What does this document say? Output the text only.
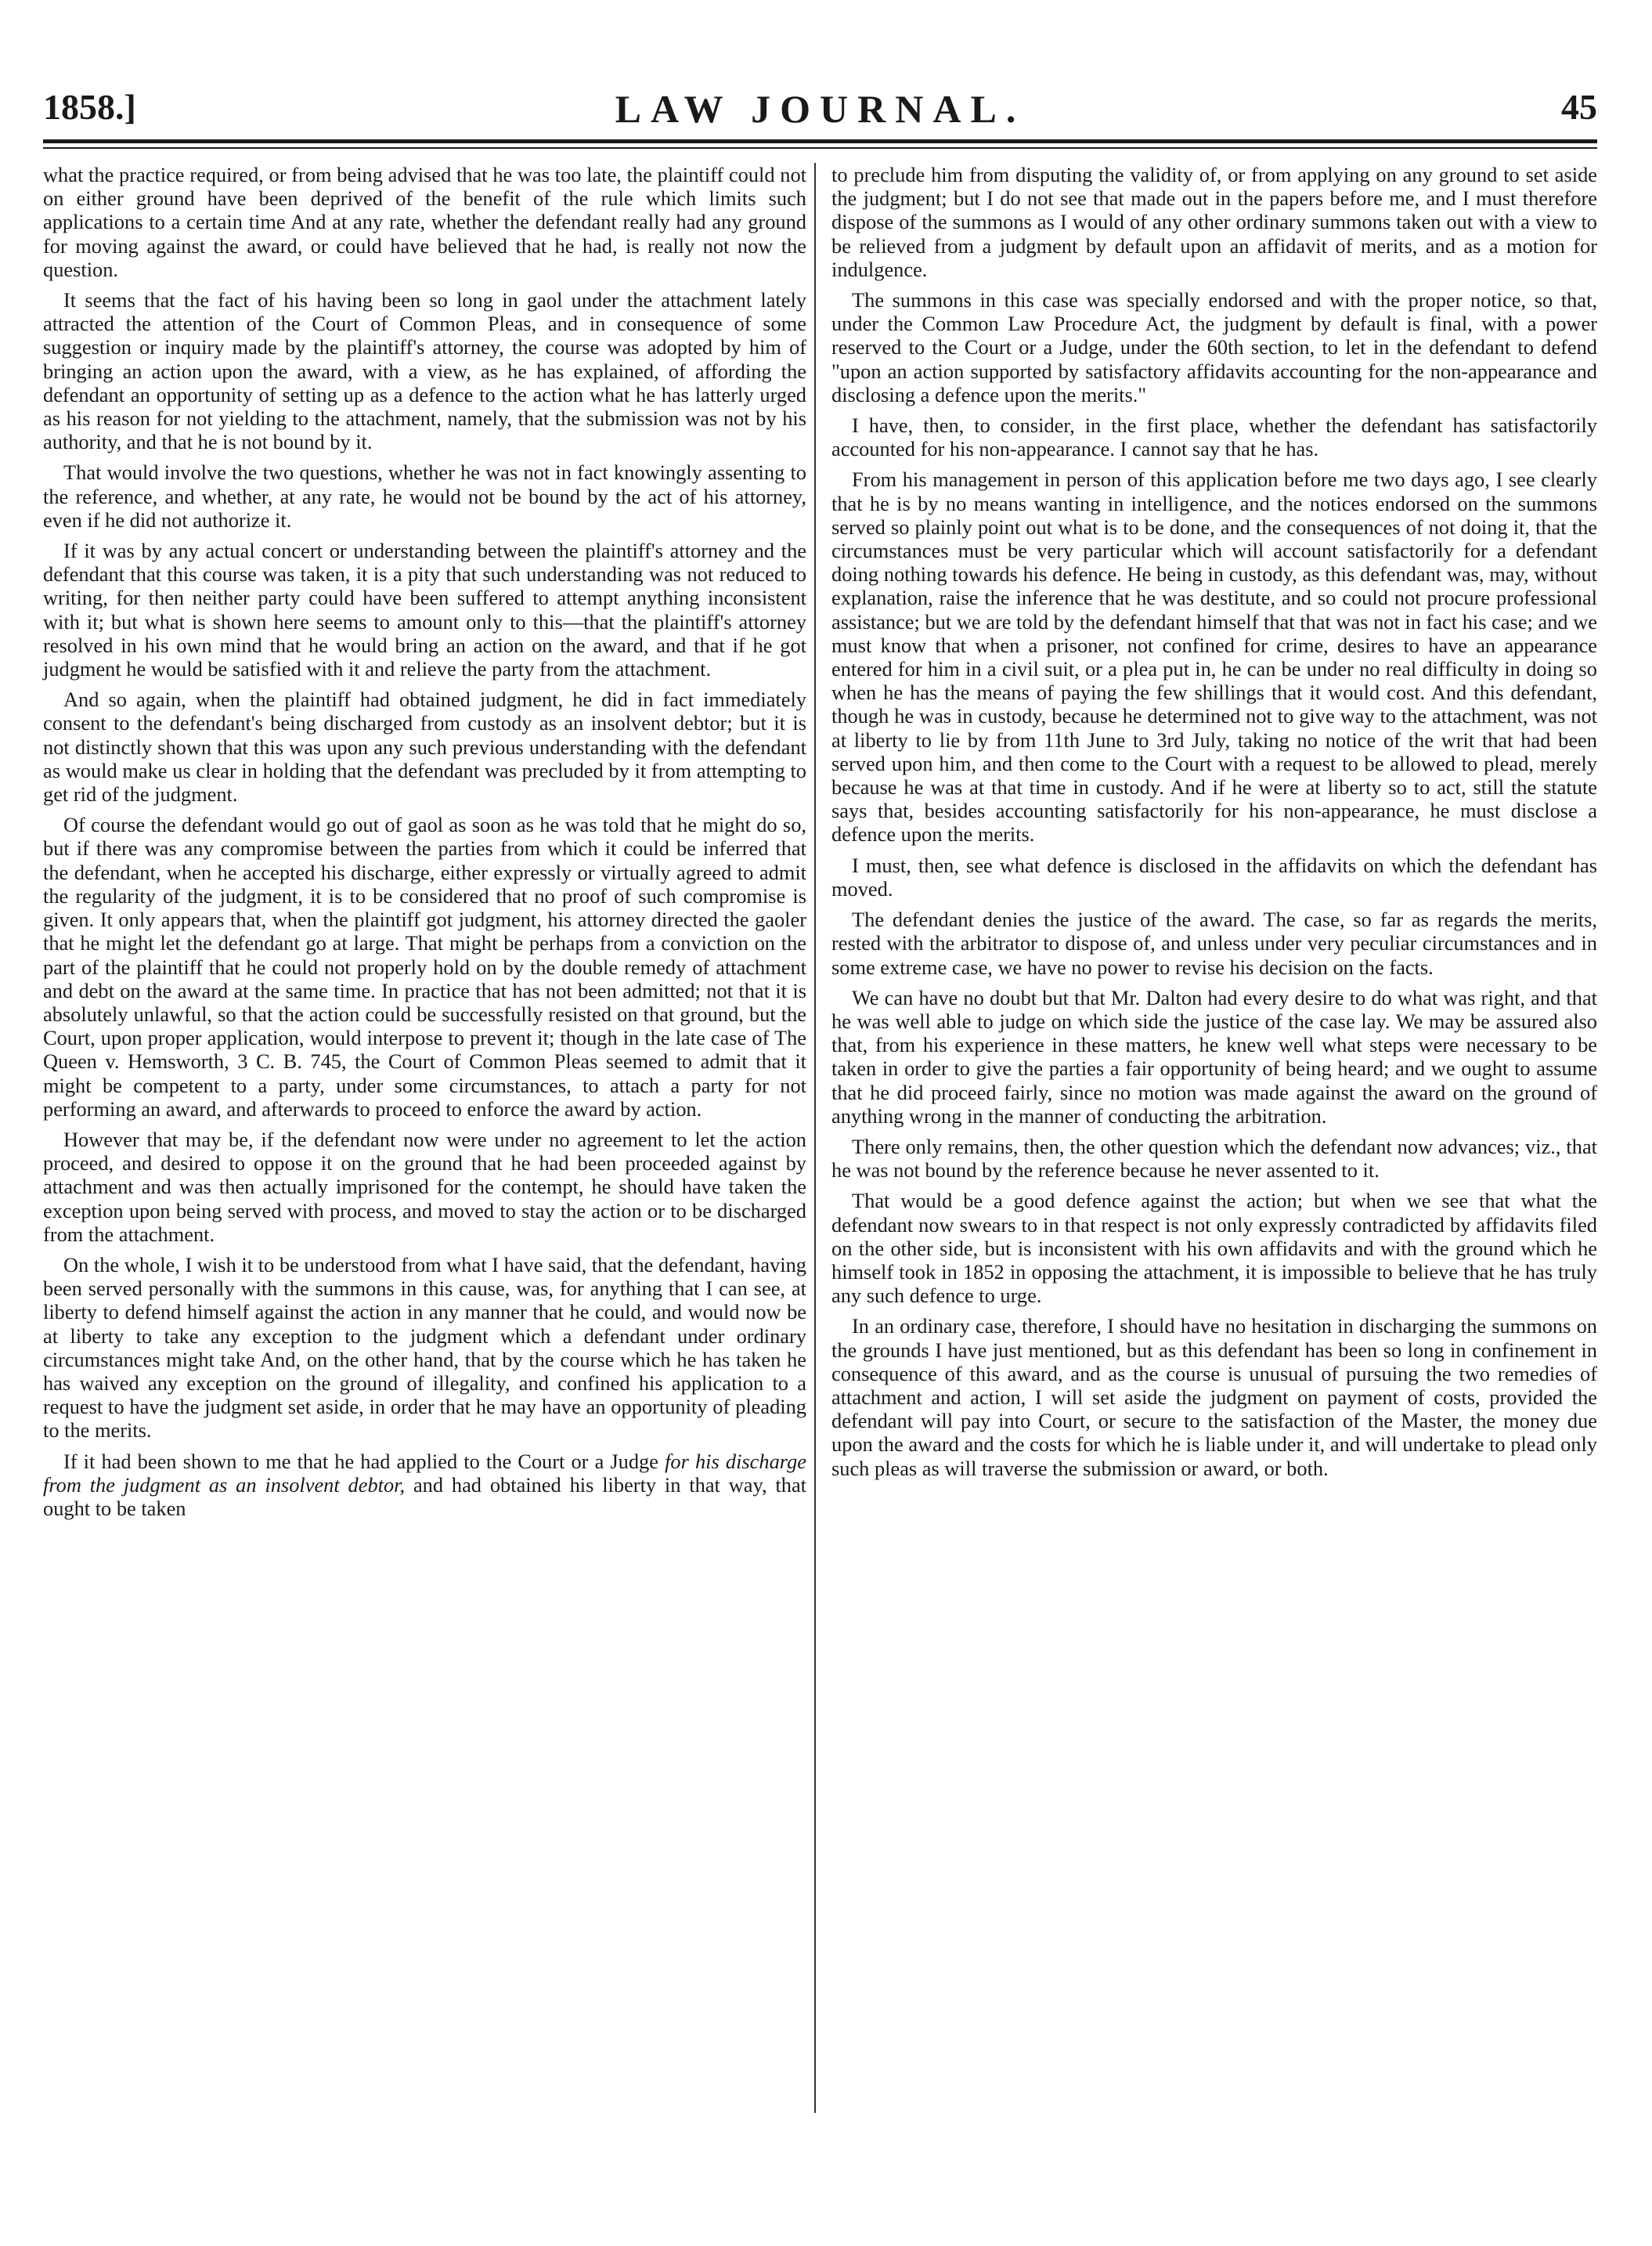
1858.]	LAW JOURNAL.	45

what the practice required, or from being advised that he was too late, the plaintiff could not on either ground have been deprived of the benefit of the rule which limits such applications to a certain time And at any rate, whether the defendant really had any ground for moving against the award, or could have believed that he had, is really not now the question.

It seems that the fact of his having been so long in gaol under the attachment lately attracted the attention of the Court of Common Pleas, and in consequence of some suggestion or inquiry made by the plaintiff's attorney, the course was adopted by him of bringing an action upon the award, with a view, as he has explained, of affording the defendant an opportunity of setting up as a defence to the action what he has latterly urged as his reason for not yielding to the attachment, namely, that the submission was not by his authority, and that he is not bound by it.

That would involve the two questions, whether he was not in fact knowingly assenting to the reference, and whether, at any rate, he would not be bound by the act of his attorney, even if he did not authorize it.

If it was by any actual concert or understanding between the plaintiff's attorney and the defendant that this course was taken, it is a pity that such understanding was not reduced to writing, for then neither party could have been suffered to attempt anything inconsistent with it; but what is shown here seems to amount only to this—that the plaintiff's attorney resolved in his own mind that he would bring an action on the award, and that if he got judgment he would be satisfied with it and relieve the party from the attachment.

And so again, when the plaintiff had obtained judgment, he did in fact immediately consent to the defendant's being discharged from custody as an insolvent debtor; but it is not distinctly shown that this was upon any such previous understanding with the defendant as would make us clear in holding that the defendant was precluded by it from attempting to get rid of the judgment.

Of course the defendant would go out of gaol as soon as he was told that he might do so, but if there was any compromise between the parties from which it could be inferred that the defendant, when he accepted his discharge, either expressly or virtually agreed to admit the regularity of the judgment, it is to be considered that no proof of such compromise is given. It only appears that, when the plaintiff got judgment, his attorney directed the gaoler that he might let the defendant go at large. That might be perhaps from a conviction on the part of the plaintiff that he could not properly hold on by the double remedy of attachment and debt on the award at the same time. In practice that has not been admitted; not that it is absolutely unlawful, so that the action could be successfully resisted on that ground, but the Court, upon proper application, would interpose to prevent it; though in the late case of The Queen v. Hemsworth, 3 C. B. 745, the Court of Common Pleas seemed to admit that it might be competent to a party, under some circumstances, to attach a party for not performing an award, and afterwards to proceed to enforce the award by action.

However that may be, if the defendant now were under no agreement to let the action proceed, and desired to oppose it on the ground that he had been proceeded against by attachment and was then actually imprisoned for the contempt, he should have taken the exception upon being served with process, and moved to stay the action or to be discharged from the attachment.

On the whole, I wish it to be understood from what I have said, that the defendant, having been served personally with the summons in this cause, was, for anything that I can see, at liberty to defend himself against the action in any manner that he could, and would now be at liberty to take any exception to the judgment which a defendant under ordinary circumstances might take And, on the other hand, that by the course which he has taken he has waived any exception on the ground of illegality, and confined his application to a request to have the judgment set aside, in order that he may have an opportunity of pleading to the merits.

If it had been shown to me that he had applied to the Court or a Judge for his discharge from the judgment as an insolvent debtor, and had obtained his liberty in that way, that ought to be taken

to preclude him from disputing the validity of, or from applying on any ground to set aside the judgment; but I do not see that made out in the papers before me, and I must therefore dispose of the summons as I would of any other ordinary summons taken out with a view to be relieved from a judgment by default upon an affidavit of merits, and as a motion for indulgence.

The summons in this case was specially endorsed and with the proper notice, so that, under the Common Law Procedure Act, the judgment by default is final, with a power reserved to the Court or a Judge, under the 60th section, to let in the defendant to defend "upon an action supported by satisfactory affidavits accounting for the non-appearance and disclosing a defence upon the merits."

I have, then, to consider, in the first place, whether the defendant has satisfactorily accounted for his non-appearance. I cannot say that he has.

From his management in person of this application before me two days ago, I see clearly that he is by no means wanting in intelligence, and the notices endorsed on the summons served so plainly point out what is to be done, and the consequences of not doing it, that the circumstances must be very particular which will account satisfactorily for a defendant doing nothing towards his defence. He being in custody, as this defendant was, may, without explanation, raise the inference that he was destitute, and so could not procure professional assistance; but we are told by the defendant himself that that was not in fact his case; and we must know that when a prisoner, not confined for crime, desires to have an appearance entered for him in a civil suit, or a plea put in, he can be under no real difficulty in doing so when he has the means of paying the few shillings that it would cost. And this defendant, though he was in custody, because he determined not to give way to the attachment, was not at liberty to lie by from 11th June to 3rd July, taking no notice of the writ that had been served upon him, and then come to the Court with a request to be allowed to plead, merely because he was at that time in custody. And if he were at liberty so to act, still the statute says that, besides accounting satisfactorily for his non-appearance, he must disclose a defence upon the merits.

I must, then, see what defence is disclosed in the affidavits on which the defendant has moved.

The defendant denies the justice of the award. The case, so far as regards the merits, rested with the arbitrator to dispose of, and unless under very peculiar circumstances and in some extreme case, we have no power to revise his decision on the facts.

We can have no doubt but that Mr. Dalton had every desire to do what was right, and that he was well able to judge on which side the justice of the case lay. We may be assured also that, from his experience in these matters, he knew well what steps were necessary to be taken in order to give the parties a fair opportunity of being heard; and we ought to assume that he did proceed fairly, since no motion was made against the award on the ground of anything wrong in the manner of conducting the arbitration.

There only remains, then, the other question which the defendant now advances; viz., that he was not bound by the reference because he never assented to it.

That would be a good defence against the action; but when we see that what the defendant now swears to in that respect is not only expressly contradicted by affidavits filed on the other side, but is inconsistent with his own affidavits and with the ground which he himself took in 1852 in opposing the attachment, it is impossible to believe that he has truly any such defence to urge.

In an ordinary case, therefore, I should have no hesitation in discharging the summons on the grounds I have just mentioned, but as this defendant has been so long in confinement in consequence of this award, and as the course is unusual of pursuing the two remedies of attachment and action, I will set aside the judgment on payment of costs, provided the defendant will pay into Court, or secure to the satisfaction of the Master, the money due upon the award and the costs for which he is liable under it, and will undertake to plead only such pleas as will traverse the submission or award, or both.
